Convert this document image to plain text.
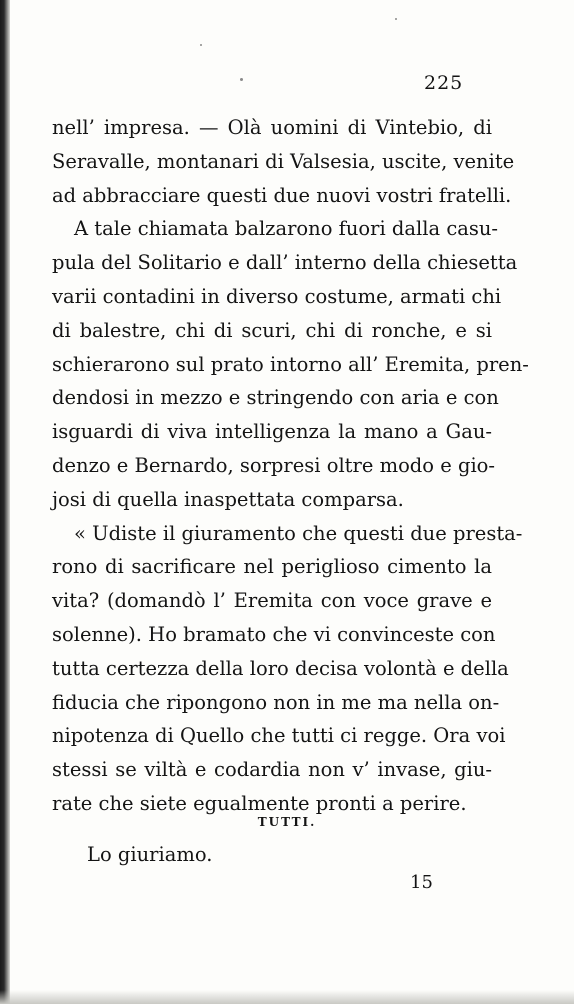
225
nell’ impresa. — Olà uomini di Vintebio, di
Seravalle, montanari di Valsesia, uscite, venite
ad abbracciare questi due nuovi vostri fratelli.
A tale chiamata balzarono fuori dalla casu-
pula del Solitario e dall’ interno della chiesetta
varii contadini in diverso costume, armati chi
di balestre, chi di scuri, chi di ronche, e si
schierarono sul prato intorno all’ Eremita, pren-
dendosi in mezzo e stringendo con aria e con
isguardi di viva intelligenza la mano a Gau-
denzo e Bernardo, sorpresi oltre modo e gio-
josi di quella inaspettata comparsa.
« Udiste il giuramento che questi due presta-
rono di sacrificare nel periglioso cimento la
vita? (domandò l’ Eremita con voce grave e
solenne). Ho bramato che vi convinceste con
tutta certezza della loro decisa volontà e della
fiducia che ripongono non in me ma nella on-
nipotenza di Quello che tutti ci regge. Ora voi
stessi se viltà e codardia non v’ invase, giu-
rate che siete egualmente pronti a perire.
TUTTI.
Lo giuriamo.
15
